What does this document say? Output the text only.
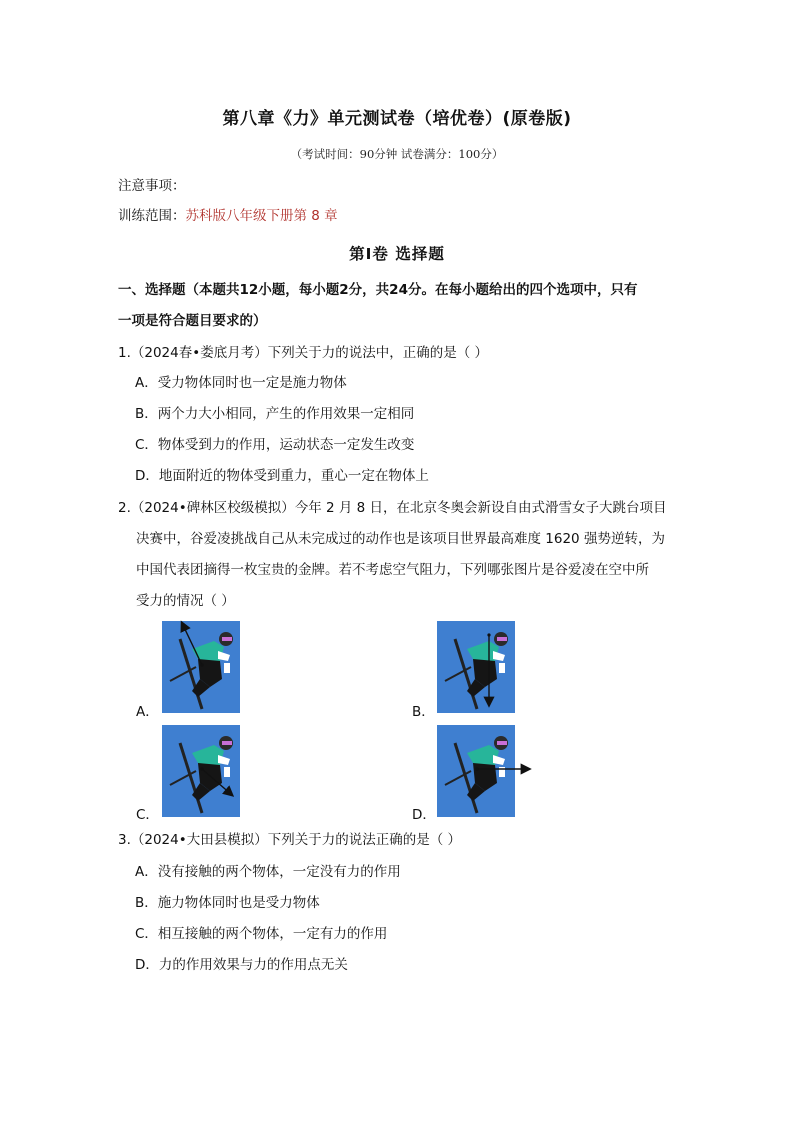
第八章《力》单元测试卷（培优卷）(原卷版)
（考试时间：90分钟 试卷满分：100分）
注意事项：
训练范围：苏科版八年级下册第 8 章
第Ⅰ卷 选择题
一、选择题（本题共12小题，每小题2分，共24分。在每小题给出的四个选项中，只有
一项是符合题目要求的）
1.（2024春•娄底月考）下列关于力的说法中，正确的是（ ）
A．受力物体同时也一定是施力物体
B．两个力大小相同，产生的作用效果一定相同
C．物体受到力的作用，运动状态一定发生改变
D．地面附近的物体受到重力，重心一定在物体上
2.（2024•碑林区校级模拟）今年 2 月 8 日，在北京冬奥会新设自由式滑雪女子大跳台项目
决赛中，谷爱凌挑战自己从未完成过的动作也是该项目世界最高难度 1620 强势逆转，为
中国代表团摘得一枚宝贵的金牌。若不考虑空气阻力，下列哪张图片是谷爱凌在空中所
受力的情况（ ）
A．	B．
C．	D．
3.（2024•大田县模拟）下列关于力的说法正确的是（ ）
A．没有接触的两个物体，一定没有力的作用
B．施力物体同时也是受力物体
C．相互接触的两个物体，一定有力的作用
D．力的作用效果与力的作用点无关
